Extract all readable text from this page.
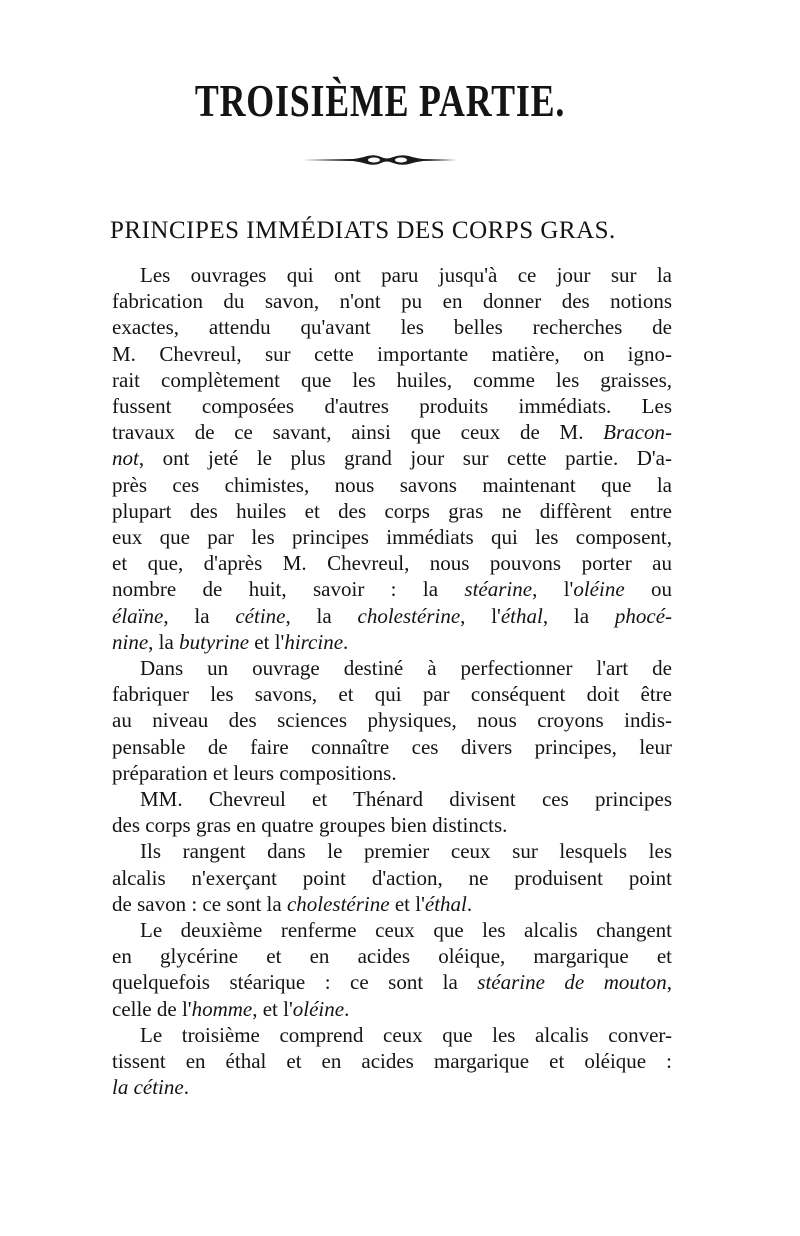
TROISIÈME PARTIE.
PRINCIPES IMMÉDIATS DES CORPS GRAS.
Les ouvrages qui ont paru jusqu'à ce jour sur la
fabrication du savon, n'ont pu en donner des notions
exactes, attendu qu'avant les belles recherches de
M. Chevreul, sur cette importante matière, on igno-
rait complètement que les huiles, comme les graisses,
fussent composées d'autres produits immédiats. Les
travaux de ce savant, ainsi que ceux de M. Bracon-
not, ont jeté le plus grand jour sur cette partie. D'a-
près ces chimistes, nous savons maintenant que la
plupart des huiles et des corps gras ne diffèrent entre
eux que par les principes immédiats qui les composent,
et que, d'après M. Chevreul, nous pouvons porter au
nombre de huit, savoir : la stéarine, l'oléine ou
élaïne, la cétine, la cholestérine, l'éthal, la phocé-
nine, la butyrine et l'hircine.
Dans un ouvrage destiné à perfectionner l'art de
fabriquer les savons, et qui par conséquent doit être
au niveau des sciences physiques, nous croyons indis-
pensable de faire connaître ces divers principes, leur
préparation et leurs compositions.
MM. Chevreul et Thénard divisent ces principes
des corps gras en quatre groupes bien distincts.
Ils rangent dans le premier ceux sur lesquels les
alcalis n'exerçant point d'action, ne produisent point
de savon : ce sont la cholestérine et l'éthal.
Le deuxième renferme ceux que les alcalis changent
en glycérine et en acides oléique, margarique et
quelquefois stéarique : ce sont la stéarine de mouton,
celle de l'homme, et l'oléine.
Le troisième comprend ceux que les alcalis conver-
tissent en éthal et en acides margarique et oléique :
la cétine.
